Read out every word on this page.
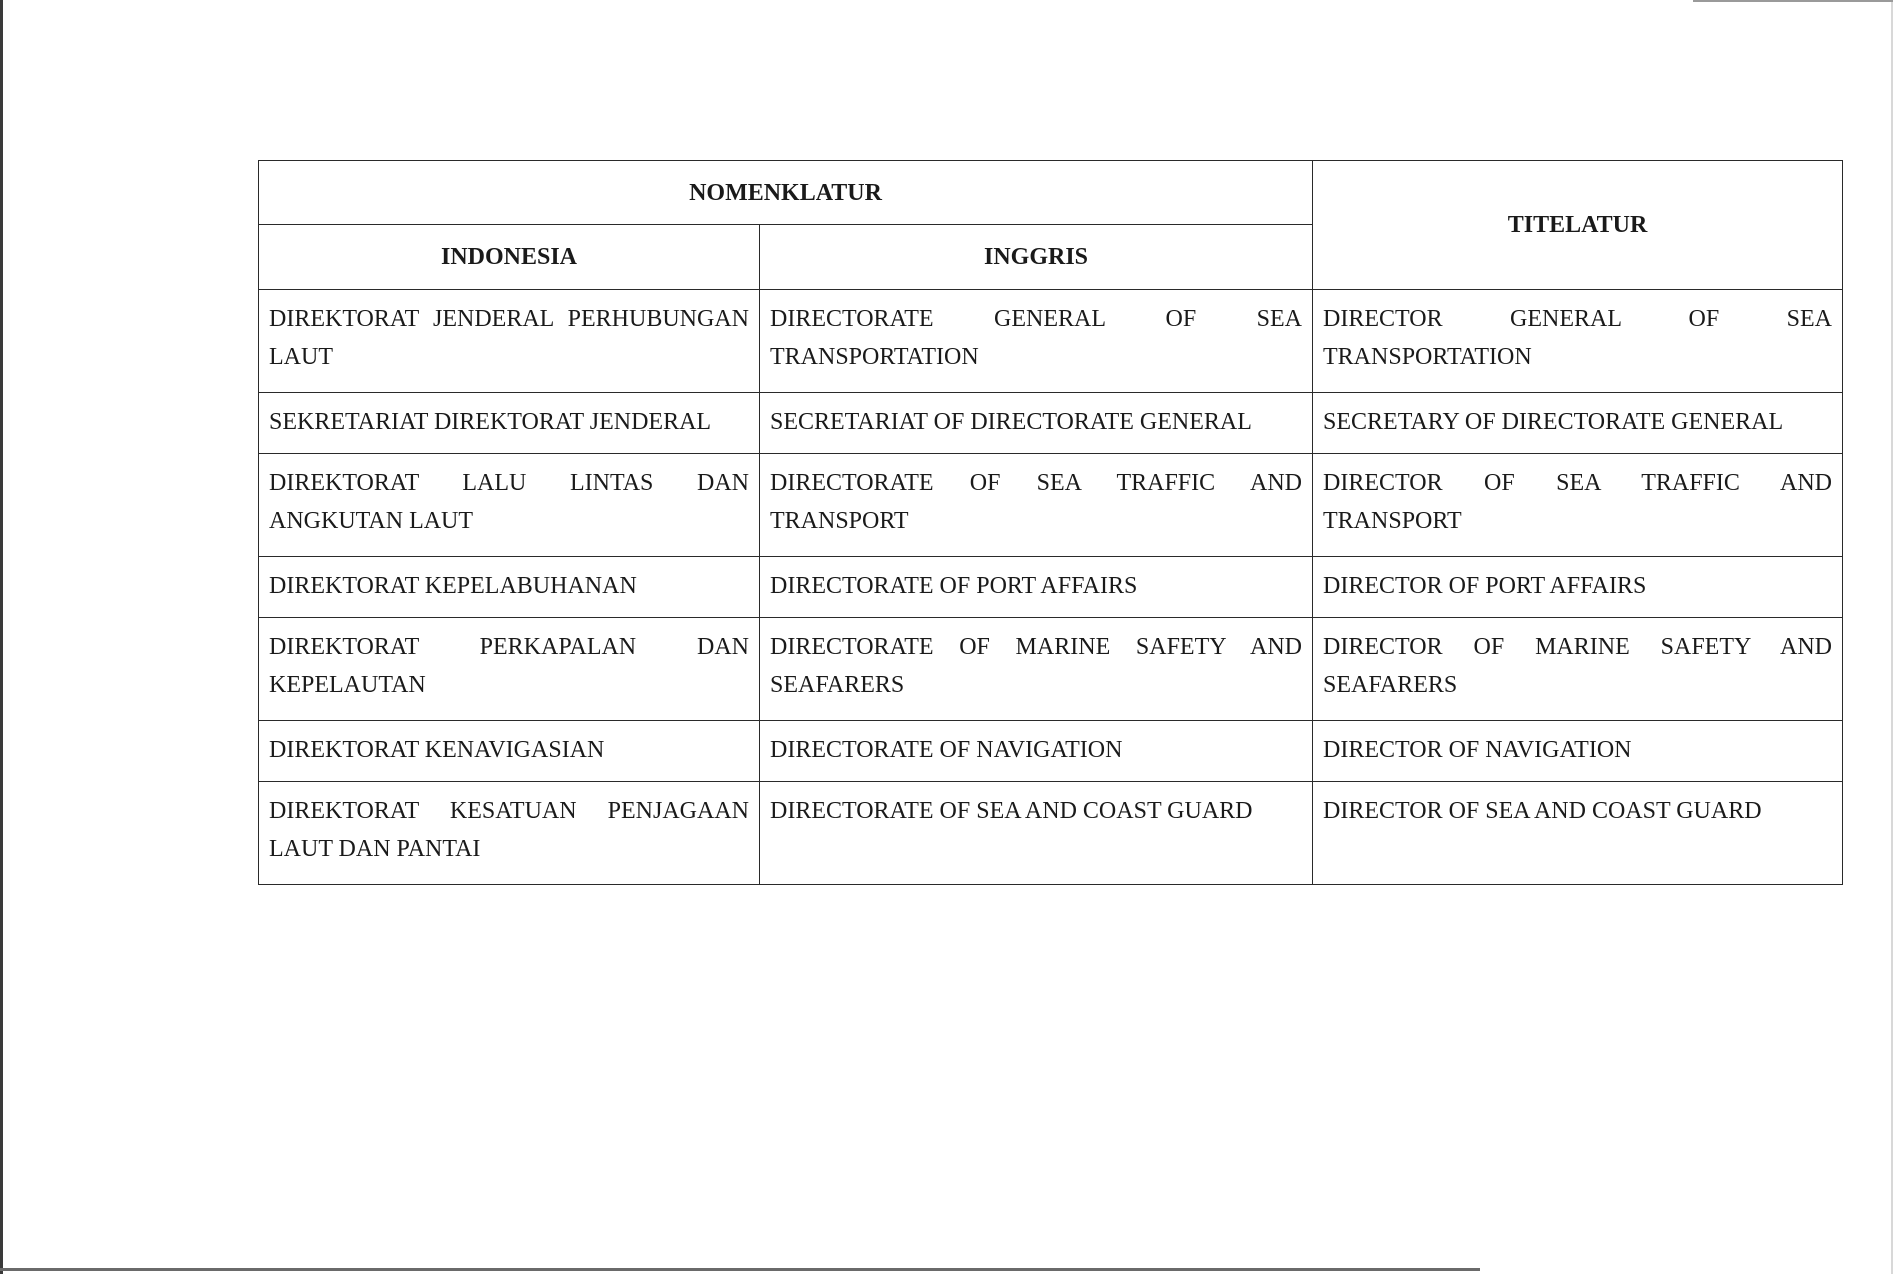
NOMENKLATUR		TITELATUR
INDONESIA	INGGRIS	
DIREKTORAT JENDERAL PERHUBUNGAN LAUT	DIRECTORATE GENERAL OF SEA TRANSPORTATION	DIRECTOR GENERAL OF SEA TRANSPORTATION
SEKRETARIAT DIREKTORAT JENDERAL	SECRETARIAT OF DIRECTORATE GENERAL	SECRETARY OF DIRECTORATE GENERAL
DIREKTORAT LALU LINTAS DAN ANGKUTAN LAUT	DIRECTORATE OF SEA TRAFFIC AND TRANSPORT	DIRECTOR OF SEA TRAFFIC AND TRANSPORT
DIREKTORAT KEPELABUHANAN	DIRECTORATE OF PORT AFFAIRS	DIRECTOR OF PORT AFFAIRS
DIREKTORAT PERKAPALAN DAN KEPELAUTAN	DIRECTORATE OF MARINE SAFETY AND SEAFARERS	DIRECTOR OF MARINE SAFETY AND SEAFARERS
DIREKTORAT KENAVIGASIAN	DIRECTORATE OF NAVIGATION	DIRECTOR OF NAVIGATION
DIREKTORAT KESATUAN PENJAGAAN LAUT DAN PANTAI	DIRECTORATE OF SEA AND COAST GUARD	DIRECTOR OF SEA AND COAST GUARD
